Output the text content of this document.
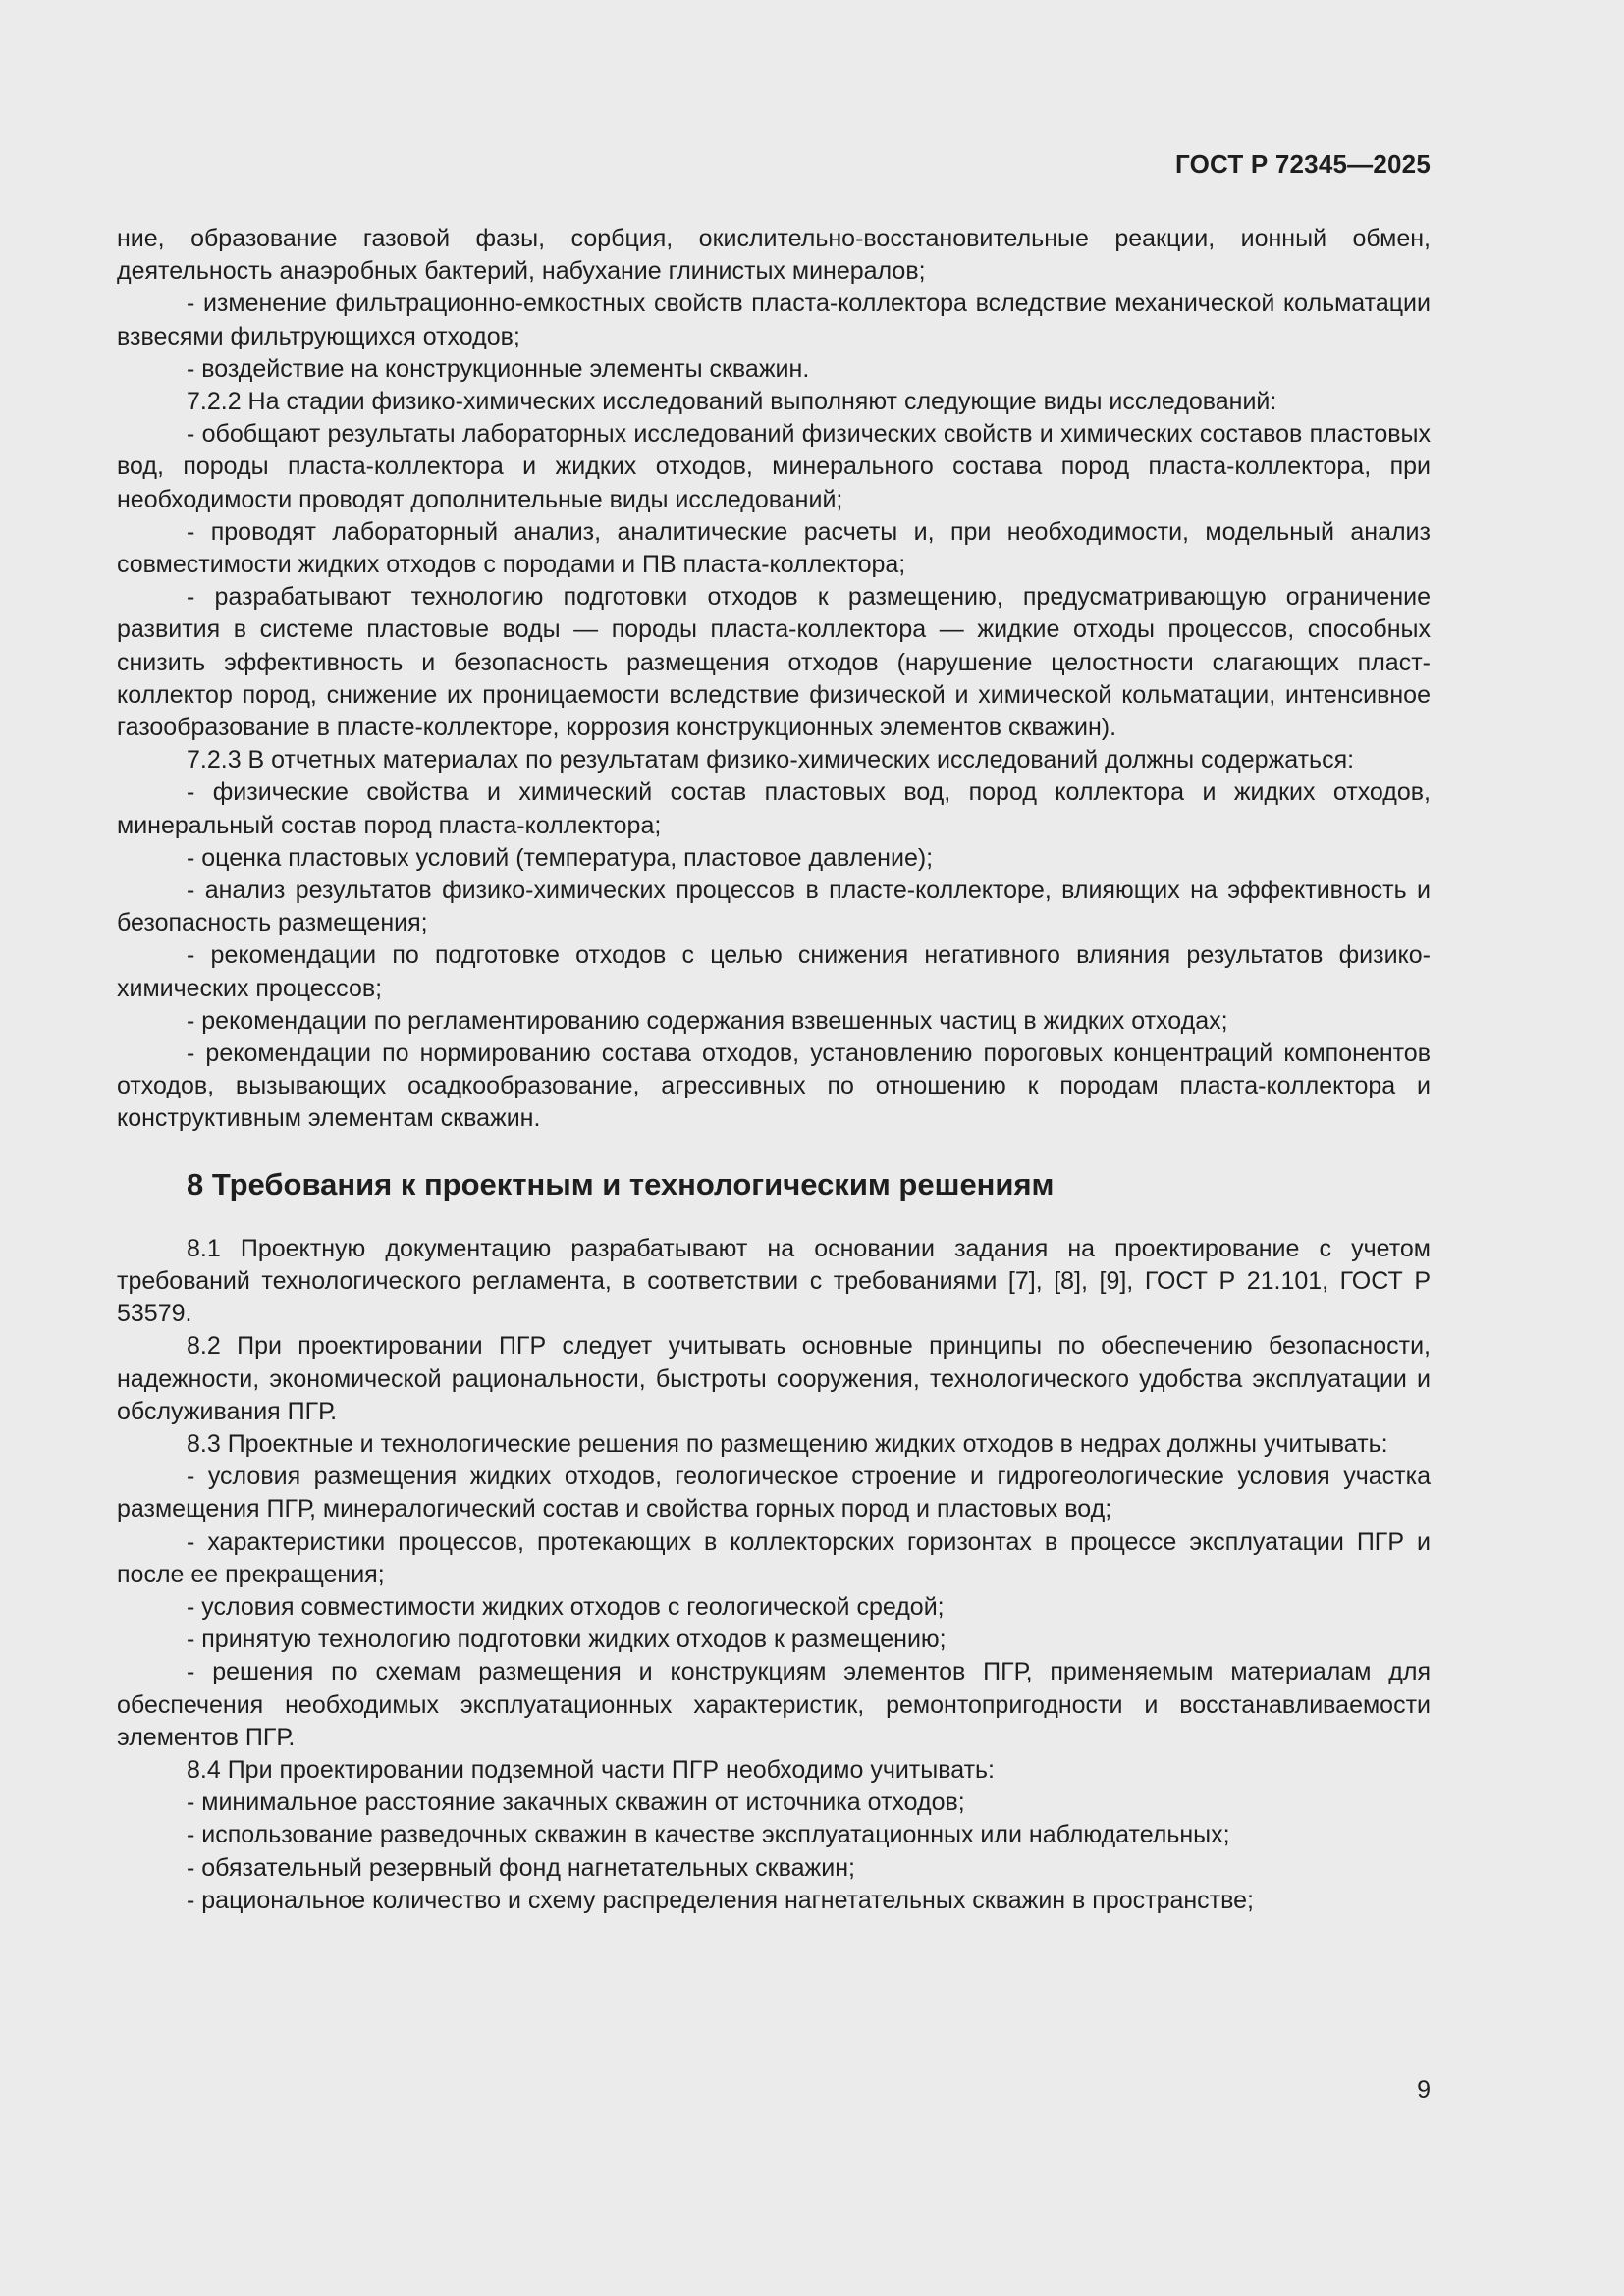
ГОСТ Р 72345—2025

ние, образование газовой фазы, сорбция, окислительно-восстановительные реакции, ионный обмен, деятельность анаэробных бактерий, набухание глинистых минералов;

- изменение фильтрационно-емкостных свойств пласта-коллектора вследствие механической кольматации взвесями фильтрующихся отходов;

- воздействие на конструкционные элементы скважин.

7.2.2 На стадии физико-химических исследований выполняют следующие виды исследований:

- обобщают результаты лабораторных исследований физических свойств и химических составов пластовых вод, породы пласта-коллектора и жидких отходов, минерального состава пород пласта-коллектора, при необходимости проводят дополнительные виды исследований;

- проводят лабораторный анализ, аналитические расчеты и, при необходимости, модельный анализ совместимости жидких отходов с породами и ПВ пласта-коллектора;

- разрабатывают технологию подготовки отходов к размещению, предусматривающую ограничение развития в системе пластовые воды — породы пласта-коллектора — жидкие отходы процессов, способных снизить эффективность и безопасность размещения отходов (нарушение целостности слагающих пласт-коллектор пород, снижение их проницаемости вследствие физической и химической кольматации, интенсивное газообразование в пласте-коллекторе, коррозия конструкционных элементов скважин).

7.2.3 В отчетных материалах по результатам физико-химических исследований должны содержаться:

- физические свойства и химический состав пластовых вод, пород коллектора и жидких отходов, минеральный состав пород пласта-коллектора;

- оценка пластовых условий (температура, пластовое давление);

- анализ результатов физико-химических процессов в пласте-коллекторе, влияющих на эффективность и безопасность размещения;

- рекомендации по подготовке отходов с целью снижения негативного влияния результатов физико-химических процессов;

- рекомендации по регламентированию содержания взвешенных частиц в жидких отходах;

- рекомендации по нормированию состава отходов, установлению пороговых концентраций компонентов отходов, вызывающих осадкообразование, агрессивных по отношению к породам пласта-коллектора и конструктивным элементам скважин.

8 Требования к проектным и технологическим решениям

8.1 Проектную документацию разрабатывают на основании задания на проектирование с учетом требований технологического регламента, в соответствии с требованиями [7], [8], [9], ГОСТ Р 21.101, ГОСТ Р 53579.

8.2 При проектировании ПГР следует учитывать основные принципы по обеспечению безопасности, надежности, экономической рациональности, быстроты сооружения, технологического удобства эксплуатации и обслуживания ПГР.

8.3 Проектные и технологические решения по размещению жидких отходов в недрах должны учитывать:

- условия размещения жидких отходов, геологическое строение и гидрогеологические условия участка размещения ПГР, минералогический состав и свойства горных пород и пластовых вод;

- характеристики процессов, протекающих в коллекторских горизонтах в процессе эксплуатации ПГР и после ее прекращения;

- условия совместимости жидких отходов с геологической средой;

- принятую технологию подготовки жидких отходов к размещению;

- решения по схемам размещения и конструкциям элементов ПГР, применяемым материалам для обеспечения необходимых эксплуатационных характеристик, ремонтопригодности и восстанавливаемости элементов ПГР.

8.4 При проектировании подземной части ПГР необходимо учитывать:

- минимальное расстояние закачных скважин от источника отходов;

- использование разведочных скважин в качестве эксплуатационных или наблюдательных;

- обязательный резервный фонд нагнетательных скважин;

- рациональное количество и схему распределения нагнетательных скважин в пространстве;

9
